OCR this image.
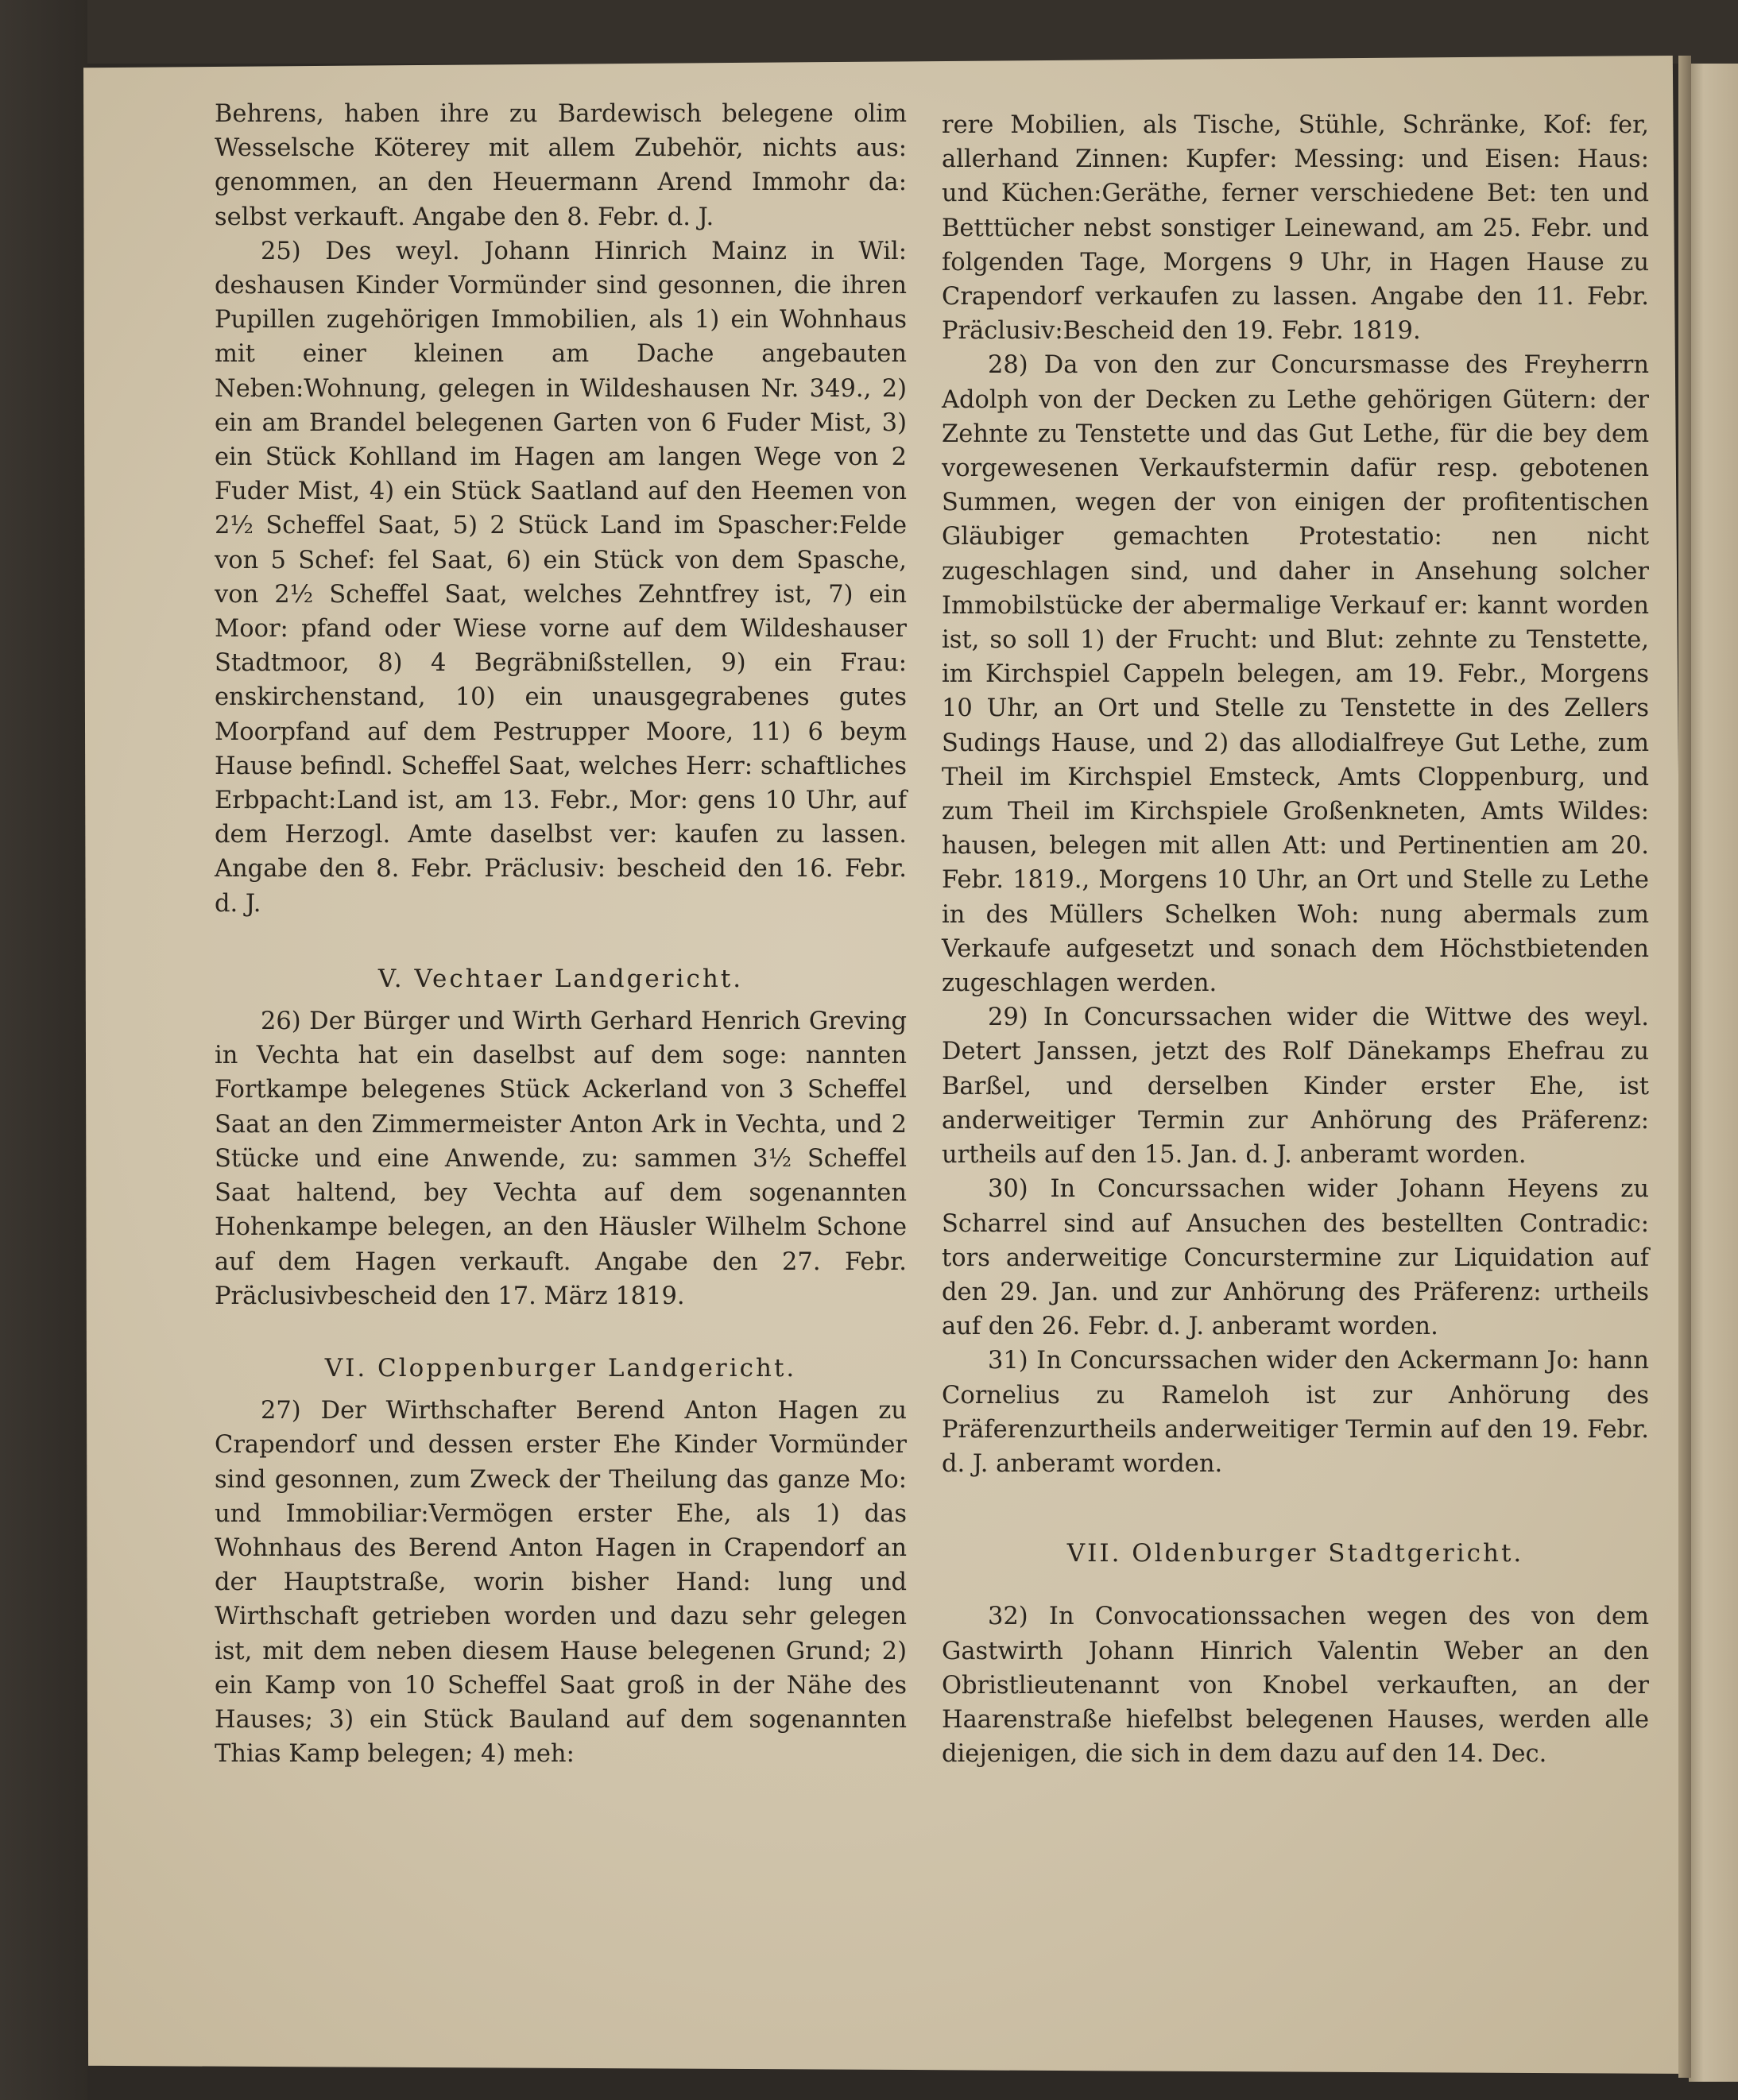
Behrens, haben ihre zu Bardewisch belegene olim Wesselsche Köterey mit allem Zubehör, nichts aus: genommen, an den Heuermann Arend Immohr da: selbst verkauft. Angabe den 8. Febr. d. J.

25) Des weyl. Johann Hinrich Mainz in Wil: deshausen Kinder Vormünder sind gesonnen, die ihren Pupillen zugehörigen Immobilien, als 1) ein Wohnhaus mit einer kleinen am Dache angebauten Neben:Wohnung, gelegen in Wildeshausen Nr. 349., 2) ein am Brandel belegenen Garten von 6 Fuder Mist, 3) ein Stück Kohlland im Hagen am langen Wege von 2 Fuder Mist, 4) ein Stück Saatland auf den Heemen von 2½ Scheffel Saat, 5) 2 Stück Land im Spascher:Felde von 5 Schef: fel Saat, 6) ein Stück von dem Spasche, von 2½ Scheffel Saat, welches Zehntfrey ist, 7) ein Moor: pfand oder Wiese vorne auf dem Wildeshauser Stadtmoor, 8) 4 Begräbnißstellen, 9) ein Frau: enskirchenstand, 10) ein unausgegrabenes gutes Moorpfand auf dem Pestrupper Moore, 11) 6 beym Hause befindl. Scheffel Saat, welches Herr: schaftliches Erbpacht:Land ist, am 13. Febr., Mor: gens 10 Uhr, auf dem Herzogl. Amte daselbst ver: kaufen zu lassen. Angabe den 8. Febr. Präclusiv: bescheid den 16. Febr. d. J.

V. Vechtaer Landgericht.

26) Der Bürger und Wirth Gerhard Henrich Greving in Vechta hat ein daselbst auf dem soge: nannten Fortkampe belegenes Stück Ackerland von 3 Scheffel Saat an den Zimmermeister Anton Ark in Vechta, und 2 Stücke und eine Anwende, zu: sammen 3½ Scheffel Saat haltend, bey Vechta auf dem sogenannten Hohenkampe belegen, an den Häusler Wilhelm Schone auf dem Hagen verkauft. Angabe den 27. Febr. Präclusivbescheid den 17. März 1819.

VI. Cloppenburger Landgericht.

27) Der Wirthschafter Berend Anton Hagen zu Crapendorf und dessen erster Ehe Kinder Vormünder sind gesonnen, zum Zweck der Theilung das ganze Mo: und Immobiliar:Vermögen erster Ehe, als 1) das Wohnhaus des Berend Anton Hagen in Crapendorf an der Hauptstraße, worin bisher Hand: lung und Wirthschaft getrieben worden und dazu sehr gelegen ist, mit dem neben diesem Hause belegenen Grund; 2) ein Kamp von 10 Scheffel Saat groß in der Nähe des Hauses; 3) ein Stück Bauland auf dem sogenannten Thias Kamp belegen; 4) meh:

rere Mobilien, als Tische, Stühle, Schränke, Kof: fer, allerhand Zinnen: Kupfer: Messing: und Eisen: Haus: und Küchen:Geräthe, ferner verschiedene Bet: ten und Betttücher nebst sonstiger Leinewand, am 25. Febr. und folgenden Tage, Morgens 9 Uhr, in Hagen Hause zu Crapendorf verkaufen zu lassen. Angabe den 11. Febr. Präclusiv:Bescheid den 19. Febr. 1819.

28) Da von den zur Concursmasse des Freyherrn Adolph von der Decken zu Lethe gehörigen Gütern: der Zehnte zu Tenstette und das Gut Lethe, für die bey dem vorgewesenen Verkaufstermin dafür resp. gebotenen Summen, wegen der von einigen der profitentischen Gläubiger gemachten Protestatio: nen nicht zugeschlagen sind, und daher in Ansehung solcher Immobilstücke der abermalige Verkauf er: kannt worden ist, so soll 1) der Frucht: und Blut: zehnte zu Tenstette, im Kirchspiel Cappeln belegen, am 19. Febr., Morgens 10 Uhr, an Ort und Stelle zu Tenstette in des Zellers Sudings Hause, und 2) das allodialfreye Gut Lethe, zum Theil im Kirchspiel Emsteck, Amts Cloppenburg, und zum Theil im Kirchspiele Großenkneten, Amts Wildes: hausen, belegen mit allen Att: und Pertinentien am 20. Febr. 1819., Morgens 10 Uhr, an Ort und Stelle zu Lethe in des Müllers Schelken Woh: nung abermals zum Verkaufe aufgesetzt und sonach dem Höchstbietenden zugeschlagen werden.

29) In Concurssachen wider die Wittwe des weyl. Detert Janssen, jetzt des Rolf Dänekamps Ehefrau zu Barßel, und derselben Kinder erster Ehe, ist anderweitiger Termin zur Anhörung des Präferenz: urtheils auf den 15. Jan. d. J. anberamt worden.

30) In Concurssachen wider Johann Heyens zu Scharrel sind auf Ansuchen des bestellten Contradic: tors anderweitige Concurstermine zur Liquidation auf den 29. Jan. und zur Anhörung des Präferenz: urtheils auf den 26. Febr. d. J. anberamt worden.

31) In Concurssachen wider den Ackermann Jo: hann Cornelius zu Rameloh ist zur Anhörung des Präferenzurtheils anderweitiger Termin auf den 19. Febr. d. J. anberamt worden.

VII. Oldenburger Stadtgericht.

32) In Convocationssachen wegen des von dem Gastwirth Johann Hinrich Valentin Weber an den Obristlieutenannt von Knobel verkauften, an der Haarenstraße hiefelbst belegenen Hauses, werden alle diejenigen, die sich in dem dazu auf den 14. Dec.
